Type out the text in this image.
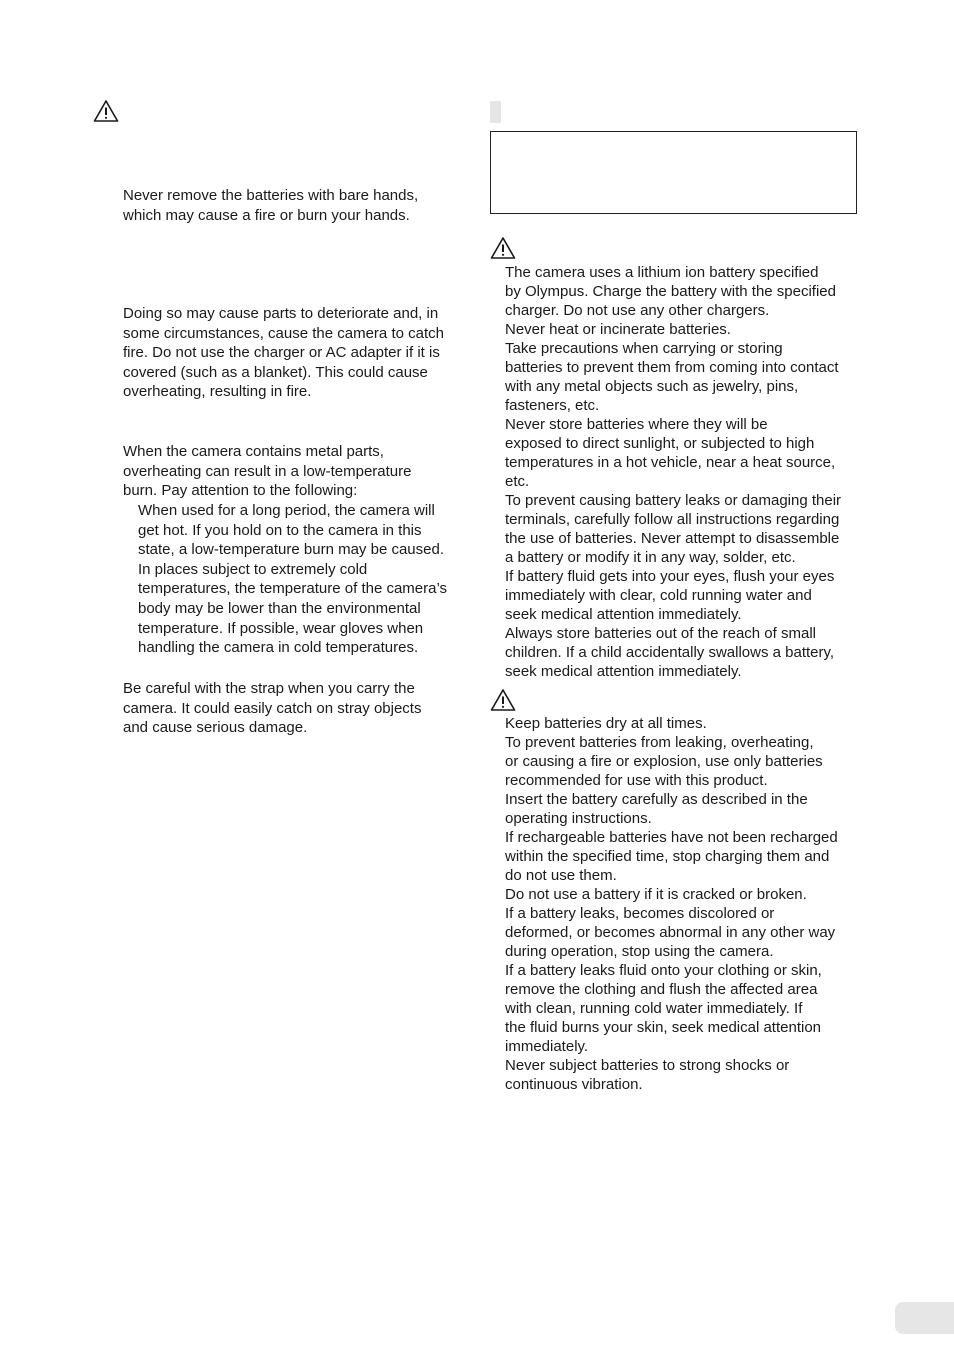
Never remove the batteries with bare hands,
which may cause a fire or burn your hands.
Doing so may cause parts to deteriorate and, in
some circumstances, cause the camera to catch
fire. Do not use the charger or AC adapter if it is
covered (such as a blanket). This could cause
overheating, resulting in fire.
When the camera contains metal parts,
overheating can result in a low-temperature
burn. Pay attention to the following:
When used for a long period, the camera will
get hot. If you hold on to the camera in this
state, a low-temperature burn may be caused.
In places subject to extremely cold
temperatures, the temperature of the camera’s
body may be lower than the environmental
temperature. If possible, wear gloves when
handling the camera in cold temperatures.
Be careful with the strap when you carry the
camera. It could easily catch on stray objects
and cause serious damage.
The camera uses a lithium ion battery specified
by Olympus. Charge the battery with the specified
charger. Do not use any other chargers.
Never heat or incinerate batteries.
Take precautions when carrying or storing
batteries to prevent them from coming into contact
with any metal objects such as jewelry, pins,
fasteners, etc.
Never store batteries where they will be
exposed to direct sunlight, or subjected to high
temperatures in a hot vehicle, near a heat source,
etc.
To prevent causing battery leaks or damaging their
terminals, carefully follow all instructions regarding
the use of batteries. Never attempt to disassemble
a battery or modify it in any way, solder, etc.
If battery fluid gets into your eyes, flush your eyes
immediately with clear, cold running water and
seek medical attention immediately.
Always store batteries out of the reach of small
children. If a child accidentally swallows a battery,
seek medical attention immediately.
Keep batteries dry at all times.
To prevent batteries from leaking, overheating,
or causing a fire or explosion, use only batteries
recommended for use with this product.
Insert the battery carefully as described in the
operating instructions.
If rechargeable batteries have not been recharged
within the specified time, stop charging them and
do not use them.
Do not use a battery if it is cracked or broken.
If a battery leaks, becomes discolored or
deformed, or becomes abnormal in any other way
during operation, stop using the camera.
If a battery leaks fluid onto your clothing or skin,
remove the clothing and flush the affected area
with clean, running cold water immediately. If
the fluid burns your skin, seek medical attention
immediately.
Never subject batteries to strong shocks or
continuous vibration.
